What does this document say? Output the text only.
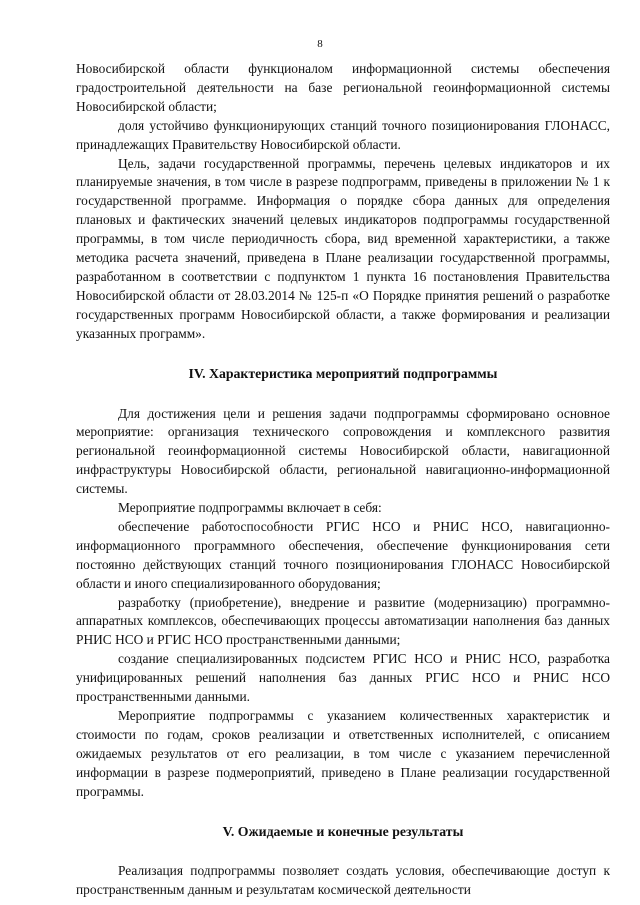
8

Новосибирской области функционалом информационной системы обеспечения градостроительной деятельности на базе региональной геоинформационной системы Новосибирской области;

доля устойчиво функционирующих станций точного позиционирования ГЛОНАСС, принадлежащих Правительству Новосибирской области.

Цель, задачи государственной программы, перечень целевых индикаторов и их планируемые значения, в том числе в разрезе подпрограмм, приведены в приложении № 1 к государственной программе. Информация о порядке сбора данных для определения плановых и фактических значений целевых индикаторов подпрограммы государственной программы, в том числе периодичность сбора, вид временной характеристики, а также методика расчета значений, приведена в Плане реализации государственной программы, разработанном в соответствии с подпунктом 1 пункта 16 постановления Правительства Новосибирской области от 28.03.2014 № 125-п «О Порядке принятия решений о разработке государственных программ Новосибирской области, а также формирования и реализации указанных программ».

IV. Характеристика мероприятий подпрограммы

Для достижения цели и решения задачи подпрограммы сформировано основное мероприятие: организация технического сопровождения и комплексного развития региональной геоинформационной системы Новосибирской области, навигационной инфраструктуры Новосибирской области, региональной навигационно-информационной системы.

Мероприятие подпрограммы включает в себя:

обеспечение работоспособности РГИС НСО и РНИС НСО, навигационно-информационного программного обеспечения, обеспечение функционирования сети постоянно действующих станций точного позиционирования ГЛОНАСС Новосибирской области и иного специализированного оборудования;

разработку (приобретение), внедрение и развитие (модернизацию) программно-аппаратных комплексов, обеспечивающих процессы автоматизации наполнения баз данных РНИС НСО и РГИС НСО пространственными данными;

создание специализированных подсистем РГИС НСО и РНИС НСО, разработка унифицированных решений наполнения баз данных РГИС НСО и РНИС НСО пространственными данными.

Мероприятие подпрограммы с указанием количественных характеристик и стоимости по годам, сроков реализации и ответственных исполнителей, с описанием ожидаемых результатов от его реализации, в том числе с указанием перечисленной информации в разрезе подмероприятий, приведено в Плане реализации государственной программы.

V. Ожидаемые и конечные результаты

Реализация подпрограммы позволяет создать условия, обеспечивающие доступ к пространственным данным и результатам космической деятельности
